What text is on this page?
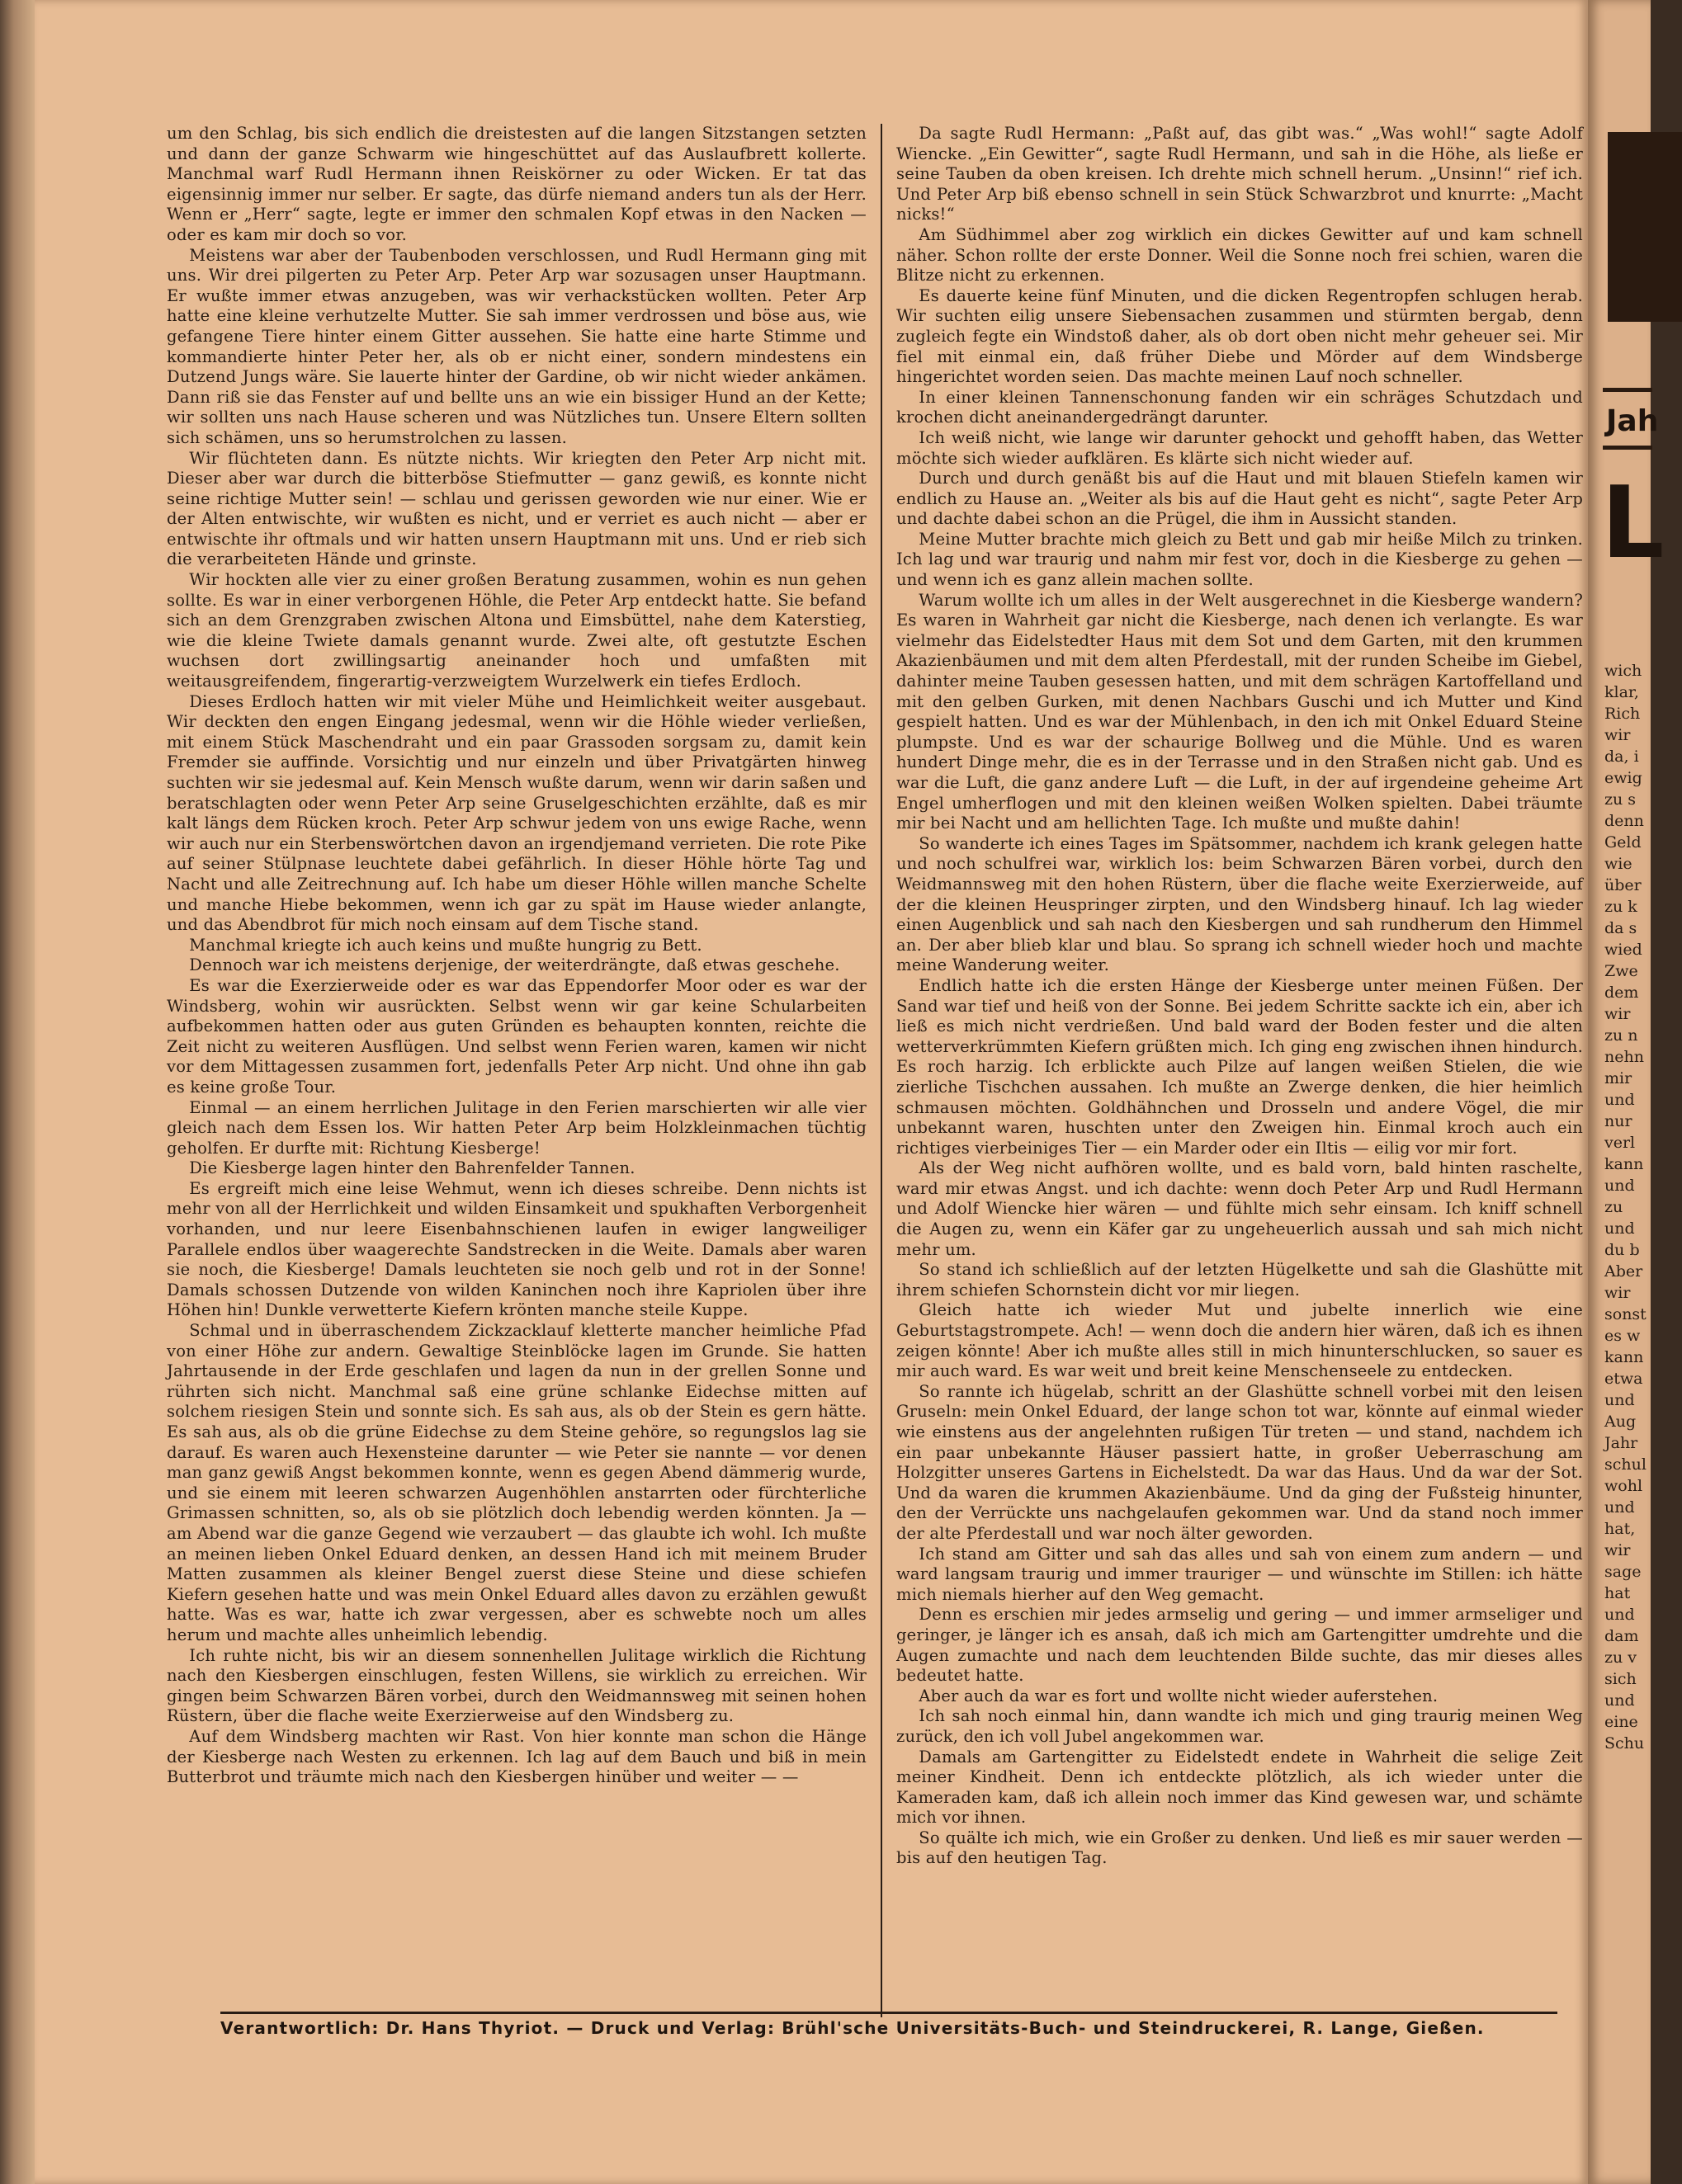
um den Schlag, bis sich endlich die dreistesten auf die langen Sitzstangen setzten und dann der ganze Schwarm wie hingeschüttet auf das Auslaufbrett kollerte. Manchmal warf Rudl Hermann ihnen Reiskörner zu oder Wicken. Er tat das eigensinnig immer nur selber. Er sagte, das dürfe niemand anders tun als der Herr. Wenn er „Herr“ sagte, legte er immer den schmalen Kopf etwas in den Nacken — oder es kam mir doch so vor.

Meistens war aber der Taubenboden verschlossen, und Rudl Hermann ging mit uns. Wir drei pilgerten zu Peter Arp. Peter Arp war sozusagen unser Hauptmann. Er wußte immer etwas anzugeben, was wir verhackstücken wollten. Peter Arp hatte eine kleine verhutzelte Mutter. Sie sah immer verdrossen und böse aus, wie gefangene Tiere hinter einem Gitter aussehen. Sie hatte eine harte Stimme und kommandierte hinter Peter her, als ob er nicht einer, sondern mindestens ein Dutzend Jungs wäre. Sie lauerte hinter der Gardine, ob wir nicht wieder ankämen. Dann riß sie das Fenster auf und bellte uns an wie ein bissiger Hund an der Kette; wir sollten uns nach Hause scheren und was Nützliches tun. Unsere Eltern sollten sich schämen, uns so herumstrolchen zu lassen.

Wir flüchteten dann. Es nützte nichts. Wir kriegten den Peter Arp nicht mit. Dieser aber war durch die bitterböse Stiefmutter — ganz gewiß, es konnte nicht seine richtige Mutter sein! — schlau und gerissen geworden wie nur einer. Wie er der Alten entwischte, wir wußten es nicht, und er verriet es auch nicht — aber er entwischte ihr oftmals und wir hatten unsern Hauptmann mit uns. Und er rieb sich die verarbeiteten Hände und grinste.

Wir hockten alle vier zu einer großen Beratung zusammen, wohin es nun gehen sollte. Es war in einer verborgenen Höhle, die Peter Arp entdeckt hatte. Sie befand sich an dem Grenzgraben zwischen Altona und Eimsbüttel, nahe dem Katerstieg, wie die kleine Twiete damals genannt wurde. Zwei alte, oft gestutzte Eschen wuchsen dort zwillingsartig aneinander hoch und umfaßten mit weitausgreifendem, fingerartig-verzweigtem Wurzelwerk ein tiefes Erdloch.

Dieses Erdloch hatten wir mit vieler Mühe und Heimlichkeit weiter ausgebaut. Wir deckten den engen Eingang jedesmal, wenn wir die Höhle wieder verließen, mit einem Stück Maschendraht und ein paar Grassoden sorgsam zu, damit kein Fremder sie auffinde. Vorsichtig und nur einzeln und über Privatgärten hinweg suchten wir sie jedesmal auf. Kein Mensch wußte darum, wenn wir darin saßen und beratschlagten oder wenn Peter Arp seine Gruselgeschichten erzählte, daß es mir kalt längs dem Rücken kroch. Peter Arp schwur jedem von uns ewige Rache, wenn wir auch nur ein Sterbenswörtchen davon an irgendjemand verrieten. Die rote Pike auf seiner Stülpnase leuchtete dabei gefährlich. In dieser Höhle hörte Tag und Nacht und alle Zeitrechnung auf. Ich habe um dieser Höhle willen manche Schelte und manche Hiebe bekommen, wenn ich gar zu spät im Hause wieder anlangte, und das Abendbrot für mich noch einsam auf dem Tische stand.

Manchmal kriegte ich auch keins und mußte hungrig zu Bett.

Dennoch war ich meistens derjenige, der weiterdrängte, daß etwas geschehe.

Es war die Exerzierweide oder es war das Eppendorfer Moor oder es war der Windsberg, wohin wir ausrückten. Selbst wenn wir gar keine Schularbeiten aufbekommen hatten oder aus guten Gründen es behaupten konnten, reichte die Zeit nicht zu weiteren Ausflügen. Und selbst wenn Ferien waren, kamen wir nicht vor dem Mittagessen zusammen fort, jedenfalls Peter Arp nicht. Und ohne ihn gab es keine große Tour.

Einmal — an einem herrlichen Julitage in den Ferien marschierten wir alle vier gleich nach dem Essen los. Wir hatten Peter Arp beim Holzkleinmachen tüchtig geholfen. Er durfte mit: Richtung Kiesberge!

Die Kiesberge lagen hinter den Bahrenfelder Tannen.

Es ergreift mich eine leise Wehmut, wenn ich dieses schreibe. Denn nichts ist mehr von all der Herrlichkeit und wilden Einsamkeit und spukhaften Verborgenheit vorhanden, und nur leere Eisenbahnschienen laufen in ewiger langweiliger Parallele endlos über waagerechte Sandstrecken in die Weite. Damals aber waren sie noch, die Kiesberge! Damals leuchteten sie noch gelb und rot in der Sonne! Damals schossen Dutzende von wilden Kaninchen noch ihre Kapriolen über ihre Höhen hin! Dunkle verwetterte Kiefern krönten manche steile Kuppe.

Schmal und in überraschendem Zickzacklauf kletterte mancher heimliche Pfad von einer Höhe zur andern. Gewaltige Steinblöcke lagen im Grunde. Sie hatten Jahrtausende in der Erde geschlafen und lagen da nun in der grellen Sonne und rührten sich nicht. Manchmal saß eine grüne schlanke Eidechse mitten auf solchem riesigen Stein und sonnte sich. Es sah aus, als ob der Stein es gern hätte. Es sah aus, als ob die grüne Eidechse zu dem Steine gehöre, so regungslos lag sie darauf. Es waren auch Hexensteine darunter — wie Peter sie nannte — vor denen man ganz gewiß Angst bekommen konnte, wenn es gegen Abend dämmerig wurde, und sie einem mit leeren schwarzen Augenhöhlen anstarrten oder fürchterliche Grimassen schnitten, so, als ob sie plötzlich doch lebendig werden könnten. Ja — am Abend war die ganze Gegend wie verzaubert — das glaubte ich wohl. Ich mußte an meinen lieben Onkel Eduard denken, an dessen Hand ich mit meinem Bruder Matten zusammen als kleiner Bengel zuerst diese Steine und diese schiefen Kiefern gesehen hatte und was mein Onkel Eduard alles davon zu erzählen gewußt hatte. Was es war, hatte ich zwar vergessen, aber es schwebte noch um alles herum und machte alles unheimlich lebendig.

Ich ruhte nicht, bis wir an diesem sonnenhellen Julitage wirklich die Richtung nach den Kiesbergen einschlugen, festen Willens, sie wirklich zu erreichen. Wir gingen beim Schwarzen Bären vorbei, durch den Weidmannsweg mit seinen hohen Rüstern, über die flache weite Exerzierweise auf den Windsberg zu.

Auf dem Windsberg machten wir Rast. Von hier konnte man schon die Hänge der Kiesberge nach Westen zu erkennen. Ich lag auf dem Bauch und biß in mein Butterbrot und träumte mich nach den Kiesbergen hinüber und weiter — —

Da sagte Rudl Hermann: „Paßt auf, das gibt was.“ „Was wohl!“ sagte Adolf Wiencke. „Ein Gewitter“, sagte Rudl Hermann, und sah in die Höhe, als ließe er seine Tauben da oben kreisen. Ich drehte mich schnell herum. „Unsinn!“ rief ich. Und Peter Arp biß ebenso schnell in sein Stück Schwarzbrot und knurrte: „Macht nicks!“

Am Südhimmel aber zog wirklich ein dickes Gewitter auf und kam schnell näher. Schon rollte der erste Donner. Weil die Sonne noch frei schien, waren die Blitze nicht zu erkennen.

Es dauerte keine fünf Minuten, und die dicken Regentropfen schlugen herab. Wir suchten eilig unsere Siebensachen zusammen und stürmten bergab, denn zugleich fegte ein Windstoß daher, als ob dort oben nicht mehr geheuer sei. Mir fiel mit einmal ein, daß früher Diebe und Mörder auf dem Windsberge hingerichtet worden seien. Das machte meinen Lauf noch schneller.

In einer kleinen Tannenschonung fanden wir ein schräges Schutzdach und krochen dicht aneinandergedrängt darunter.

Ich weiß nicht, wie lange wir darunter gehockt und gehofft haben, das Wetter möchte sich wieder aufklären. Es klärte sich nicht wieder auf.

Durch und durch genäßt bis auf die Haut und mit blauen Stiefeln kamen wir endlich zu Hause an. „Weiter als bis auf die Haut geht es nicht“, sagte Peter Arp und dachte dabei schon an die Prügel, die ihm in Aussicht standen.

Meine Mutter brachte mich gleich zu Bett und gab mir heiße Milch zu trinken. Ich lag und war traurig und nahm mir fest vor, doch in die Kiesberge zu gehen — und wenn ich es ganz allein machen sollte.

Warum wollte ich um alles in der Welt ausgerechnet in die Kiesberge wandern? Es waren in Wahrheit gar nicht die Kiesberge, nach denen ich verlangte. Es war vielmehr das Eidelstedter Haus mit dem Sot und dem Garten, mit den krummen Akazienbäumen und mit dem alten Pferdestall, mit der runden Scheibe im Giebel, dahinter meine Tauben gesessen hatten, und mit dem schrägen Kartoffelland und mit den gelben Gurken, mit denen Nachbars Guschi und ich Mutter und Kind gespielt hatten. Und es war der Mühlenbach, in den ich mit Onkel Eduard Steine plumpste. Und es war der schaurige Bollweg und die Mühle. Und es waren hundert Dinge mehr, die es in der Terrasse und in den Straßen nicht gab. Und es war die Luft, die ganz andere Luft — die Luft, in der auf irgendeine geheime Art Engel umherflogen und mit den kleinen weißen Wolken spielten. Dabei träumte mir bei Nacht und am hellichten Tage. Ich mußte und mußte dahin!

So wanderte ich eines Tages im Spätsommer, nachdem ich krank gelegen hatte und noch schulfrei war, wirklich los: beim Schwarzen Bären vorbei, durch den Weidmannsweg mit den hohen Rüstern, über die flache weite Exerzierweide, auf der die kleinen Heuspringer zirpten, und den Windsberg hinauf. Ich lag wieder einen Augenblick und sah nach den Kiesbergen und sah rundherum den Himmel an. Der aber blieb klar und blau. So sprang ich schnell wieder hoch und machte meine Wanderung weiter.

Endlich hatte ich die ersten Hänge der Kiesberge unter meinen Füßen. Der Sand war tief und heiß von der Sonne. Bei jedem Schritte sackte ich ein, aber ich ließ es mich nicht verdrießen. Und bald ward der Boden fester und die alten wetterverkrümmten Kiefern grüßten mich. Ich ging eng zwischen ihnen hindurch. Es roch harzig. Ich erblickte auch Pilze auf langen weißen Stielen, die wie zierliche Tischchen aussahen. Ich mußte an Zwerge denken, die hier heimlich schmausen möchten. Goldhähnchen und Drosseln und andere Vögel, die mir unbekannt waren, huschten unter den Zweigen hin. Einmal kroch auch ein richtiges vierbeiniges Tier — ein Marder oder ein Iltis — eilig vor mir fort.

Als der Weg nicht aufhören wollte, und es bald vorn, bald hinten raschelte, ward mir etwas Angst. und ich dachte: wenn doch Peter Arp und Rudl Hermann und Adolf Wiencke hier wären — und fühlte mich sehr einsam. Ich kniff schnell die Augen zu, wenn ein Käfer gar zu ungeheuerlich aussah und sah mich nicht mehr um.

So stand ich schließlich auf der letzten Hügelkette und sah die Glashütte mit ihrem schiefen Schornstein dicht vor mir liegen.

Gleich hatte ich wieder Mut und jubelte innerlich wie eine Geburtstagstrompete. Ach! — wenn doch die andern hier wären, daß ich es ihnen zeigen könnte! Aber ich mußte alles still in mich hinunterschlucken, so sauer es mir auch ward. Es war weit und breit keine Menschenseele zu entdecken.

So rannte ich hügelab, schritt an der Glashütte schnell vorbei mit den leisen Gruseln: mein Onkel Eduard, der lange schon tot war, könnte auf einmal wieder wie einstens aus der angelehnten rußigen Tür treten — und stand, nachdem ich ein paar unbekannte Häuser passiert hatte, in großer Ueberraschung am Holzgitter unseres Gartens in Eichelstedt. Da war das Haus. Und da war der Sot. Und da waren die krummen Akazienbäume. Und da ging der Fußsteig hinunter, den der Verrückte uns nachgelaufen gekommen war. Und da stand noch immer der alte Pferdestall und war noch älter geworden.

Ich stand am Gitter und sah das alles und sah von einem zum andern — und ward langsam traurig und immer trauriger — und wünschte im Stillen: ich hätte mich niemals hierher auf den Weg gemacht.

Denn es erschien mir jedes armselig und gering — und immer armseliger und geringer, je länger ich es ansah, daß ich mich am Gartengitter umdrehte und die Augen zumachte und nach dem leuchtenden Bilde suchte, das mir dieses alles bedeutet hatte.

Aber auch da war es fort und wollte nicht wieder auferstehen.

Ich sah noch einmal hin, dann wandte ich mich und ging traurig meinen Weg zurück, den ich voll Jubel angekommen war.

Damals am Gartengitter zu Eidelstedt endete in Wahrheit die selige Zeit meiner Kindheit. Denn ich entdeckte plötzlich, als ich wieder unter die Kameraden kam, daß ich allein noch immer das Kind gewesen war, und schämte mich vor ihnen.

So quälte ich mich, wie ein Großer zu denken. Und ließ es mir sauer werden — bis auf den heutigen Tag.

Verantwortlich: Dr. Hans Thyriot. — Druck und Verlag: Brühl'sche Universitäts-Buch- und Steindruckerei, R. Lange, Gießen.
Jah
L
wich
klar,
Rich
wir
da, i
ewig
zu s
denn
Geld
wie
über
zu k
da s
wied
Zwe
dem
wir
zu n
nehn
mir
und
nur
verl
kann
und
zu
und
du b
Aber
wir
sonst
es w
kann
etwa
und
Aug
Jahr
schul
wohl
und
hat,
wir
sage
hat
und
dam
zu v
sich
und
eine
Schu
